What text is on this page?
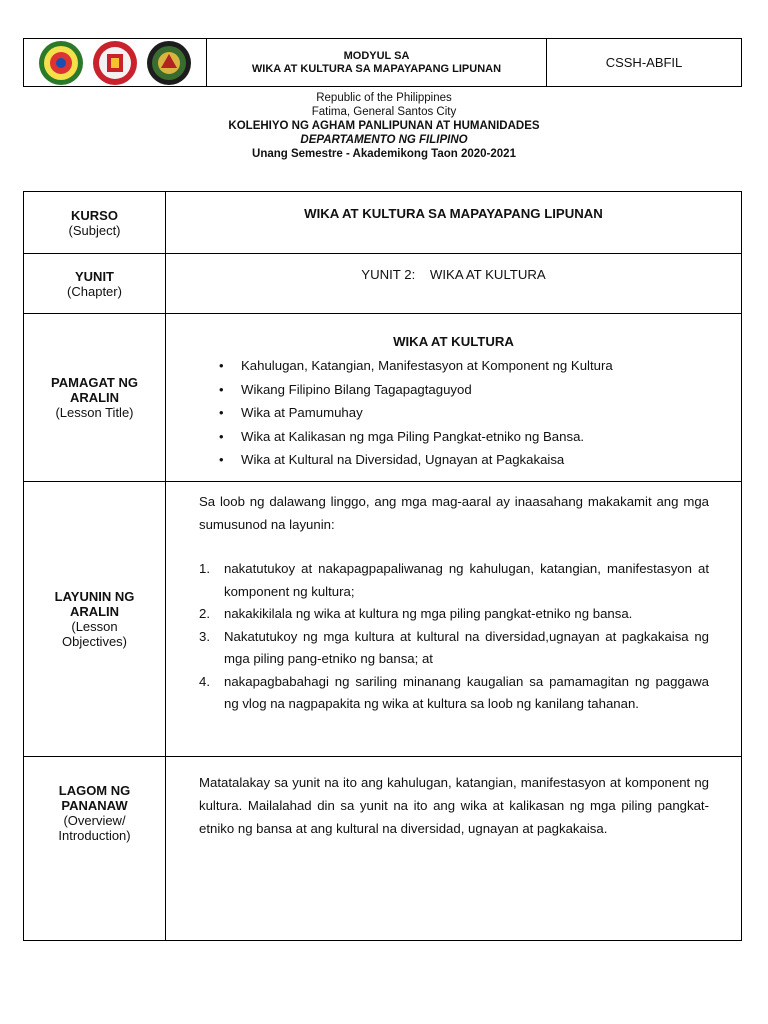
MODYUL SA
WIKA AT KULTURA SA MAPAYAPANG LIPUNAN	CSSH-ABFIL
Republic of the Philippines
Fatima, General Santos City
KOLEHIYO NG AGHAM PANLIPUNAN AT HUMANIDADES
DEPARTAMENTO NG FILIPINO
Unang Semestre - Akademikong Taon 2020-2021
KURSO
(Subject)
WIKA AT KULTURA SA MAPAYAPANG LIPUNAN
YUNIT
(Chapter)
YUNIT 2:    WIKA AT KULTURA
PAMAGAT NG
ARALIN
(Lesson Title)
WIKA AT KULTURA
• Kahulugan, Katangian, Manifestasyon at Komponent ng Kultura
• Wikang Filipino Bilang Tagapagtaguyod
• Wika at Pamumuhay
• Wika at Kalikasan ng mga Piling Pangkat-etniko ng Bansa.
• Wika at Kultural na Diversidad, Ugnayan at Pagkakaisa
LAYUNIN NG
ARALIN
(Lesson
Objectives)
Sa loob ng dalawang linggo, ang mga mag-aaral ay inaasahang makakamit ang mga sumusunod na layunin:
1. nakatutukoy at nakapagpapaliwanag ng kahulugan, katangian, manifestasyon at komponent ng kultura;
2. nakakikilala ng wika at kultura ng mga piling pangkat-etniko ng bansa.
3. Nakatutukoy ng mga kultura at kultural na diversidad,ugnayan at pagkakaisa ng mga piling pang-etniko ng bansa; at
4. nakapagbabahagi ng sariling minanang kaugalian sa pamamagitan ng paggawa ng vlog na nagpapakita ng wika at kultura sa loob ng kanilang tahanan.
LAGOM NG
PANANAW
(Overview/
Introduction)
Matatalakay sa yunit na ito ang kahulugan, katangian, manifestasyon at komponent ng kultura. Mailalahad din sa yunit na ito ang wika at kalikasan ng mga piling pangkat-etniko ng bansa at ang kultural na diversidad, ugnayan at pagkakaisa.
